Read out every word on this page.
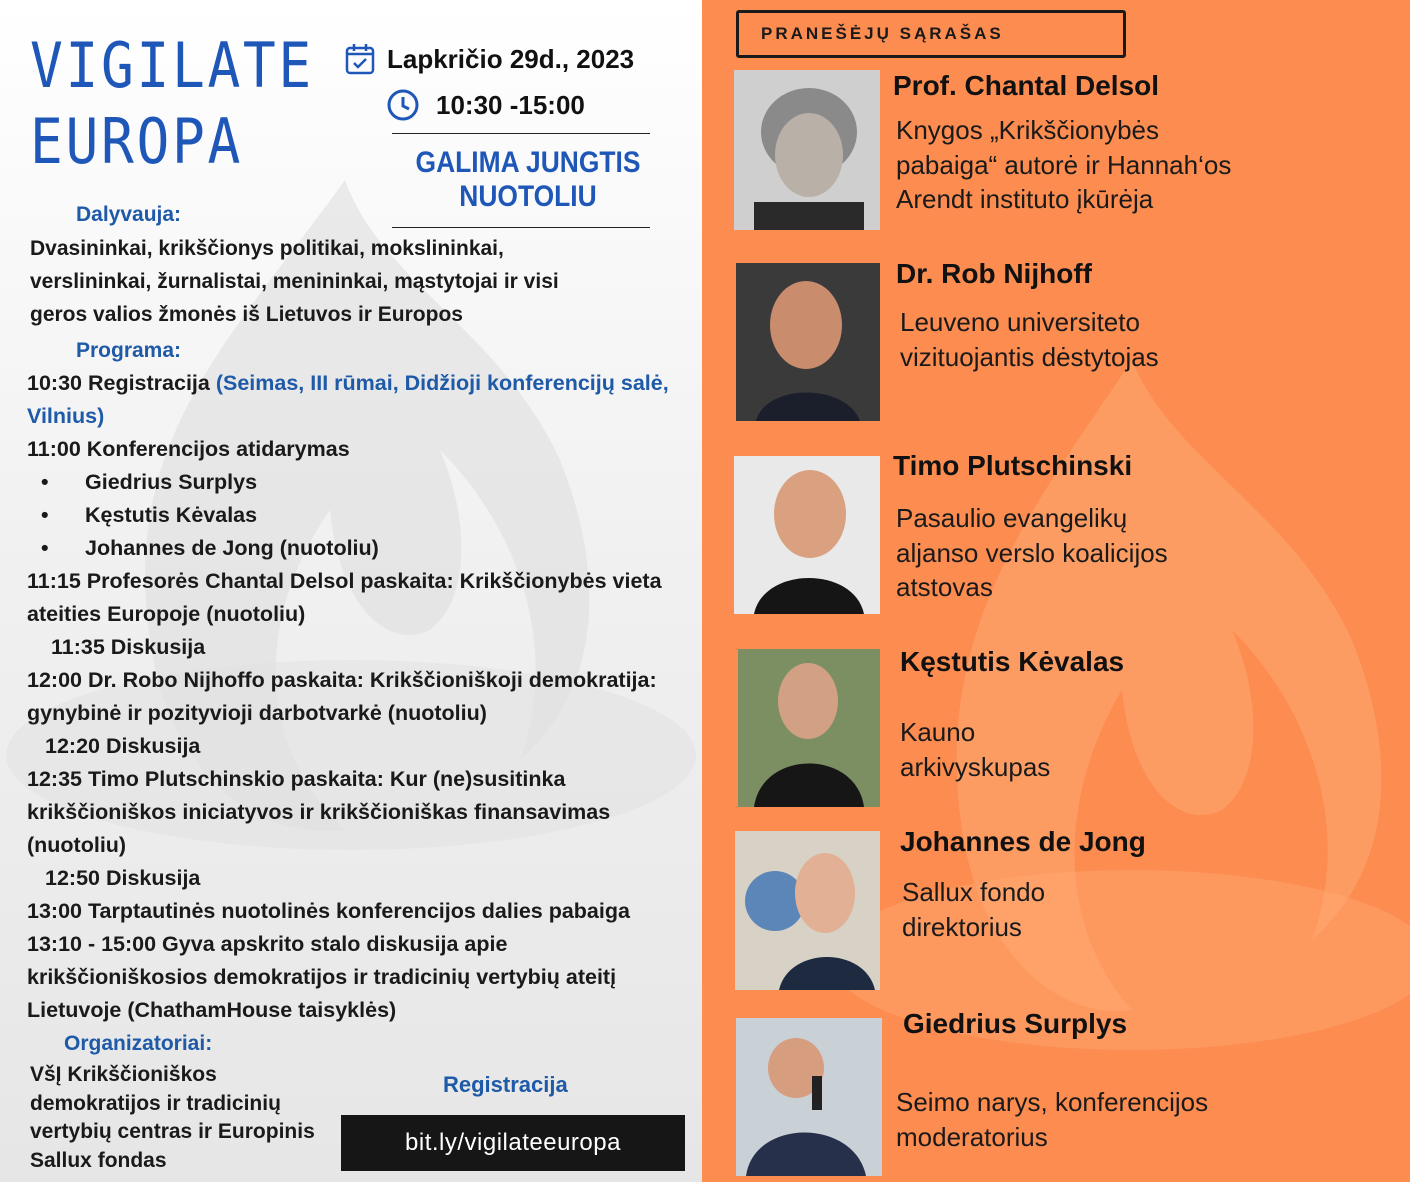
VIGILATE
EUROPA
Lapkričio 29d., 2023
10:30 -15:00
GALIMA JUNGTIS
NUOTOLIU
Dalyvauja:
Dvasininkai, krikščionys politikai, mokslininkai,
verslininkai, žurnalistai, menininkai, mąstytojai ir visi
geros valios žmonės iš Lietuvos ir Europos
Programa:
10:30 Registracija (Seimas, III rūmai, Didžioji konferencijų salė,
Vilnius)
11:00 Konferencijos atidarymas
• Giedrius Surplys
• Kęstutis Kėvalas
• Johannes de Jong (nuotoliu)
11:15 Profesorės Chantal Delsol paskaita: Krikščionybės vieta
ateities Europoje (nuotoliu)
11:35 Diskusija
12:00 Dr. Robo Nijhoffo paskaita: Krikščioniškoji demokratija:
gynybinė ir pozityvioji darbotvarkė (nuotoliu)
12:20 Diskusija
12:35 Timo Plutschinskio paskaita: Kur (ne)susitinka
krikščioniškos iniciatyvos ir krikščioniškas finansavimas
(nuotoliu)
12:50 Diskusija
13:00 Tarptautinės nuotolinės konferencijos dalies pabaiga
13:10 - 15:00 Gyva apskrito stalo diskusija apie
krikščioniškosios demokratijos ir tradicinių vertybių ateitį
Lietuvoje (ChathamHouse taisyklės)
Organizatoriai:
VšĮ Krikščioniškos
demokratijos ir tradicinių
vertybių centras ir Europinis
Sallux fondas
Registracija
bit.ly/vigilateeuropa
PRANEŠĖJŲ SĄRAŠAS
Prof. Chantal Delsol
Knygos „Krikščionybės
pabaiga“ autorė ir Hannah‘os
Arendt instituto įkūrėja
Dr. Rob Nijhoff
Leuveno universiteto
vizituojantis dėstytojas
Timo Plutschinski
Pasaulio evangelikų
aljanso verslo koalicijos
atstovas
Kęstutis Kėvalas
Kauno
arkivyskupas
Johannes de Jong
Sallux fondo
direktorius
Giedrius Surplys
Seimo narys, konferencijos
moderatorius
